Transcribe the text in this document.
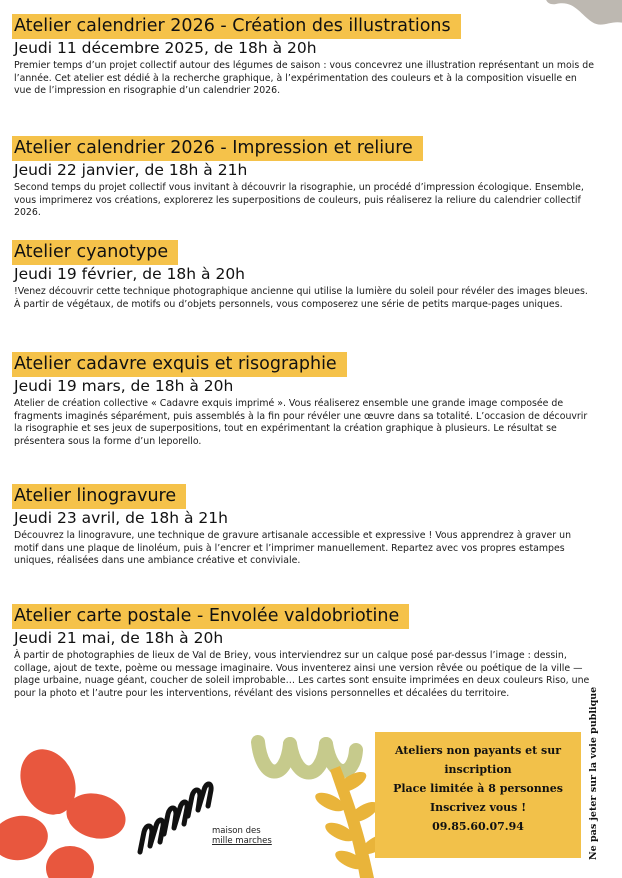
Atelier calendrier 2026 - Création des illustrations
Jeudi 11 décembre 2025, de 18h à 20h
Premier temps d’un projet collectif autour des légumes de saison : vous concevrez une illustration représentant un mois de l’année. Cet atelier est dédié à la recherche graphique, à l’expérimentation des couleurs et à la composition visuelle en vue de l’impression en risographie d’un calendrier 2026.
Atelier calendrier 2026 - Impression et reliure
Jeudi 22 janvier, de 18h à 21h
Second temps du projet collectif vous invitant à découvrir la risographie, un procédé d’impression écologique. Ensemble, vous imprimerez vos créations, explorerez les superpositions de couleurs, puis réaliserez la reliure du calendrier collectif 2026.
Atelier cyanotype
Jeudi 19 février, de 18h à 20h
!Venez découvrir cette technique photographique ancienne qui utilise la lumière du soleil pour révéler des images bleues. À partir de végétaux, de motifs ou d’objets personnels, vous composerez une série de petits marque-pages uniques.
Atelier cadavre exquis et risographie
Jeudi 19 mars, de 18h à 20h
Atelier de création collective « Cadavre exquis imprimé ». Vous réaliserez ensemble une grande image composée de fragments imaginés séparément, puis assemblés à la fin pour révéler une œuvre dans sa totalité. L’occasion de découvrir la risographie et ses jeux de superpositions, tout en expérimentant la création graphique à plusieurs. Le résultat se présentera sous la forme d’un leporello.
Atelier linogravure
Jeudi 23 avril, de 18h à 21h
Découvrez la linogravure, une technique de gravure artisanale accessible et expressive ! Vous apprendrez à graver un motif dans une plaque de linoléum, puis à l’encrer et l’imprimer manuellement. Repartez avec vos propres estampes uniques, réalisées dans une ambiance créative et conviviale.
Atelier carte postale - Envolée valdobriotine
Jeudi 21 mai, de 18h à 20h
À partir de photographies de lieux de Val de Briey, vous interviendrez sur un calque posé par-dessus l’image : dessin, collage, ajout de texte, poème ou message imaginaire. Vous inventerez ainsi une version rêvée ou poétique de la ville — plage urbaine, nuage géant, coucher de soleil improbable… Les cartes sont ensuite imprimées en deux couleurs Riso, une pour la photo et l’autre pour les interventions, révélant des visions personnelles et décalées du territoire.
maison des
mille marches
Ateliers non payants et sur
inscription
Place limitée à 8 personnes
Inscrivez vous !
09.85.60.07.94	Ne pas jeter sur la voie publique
